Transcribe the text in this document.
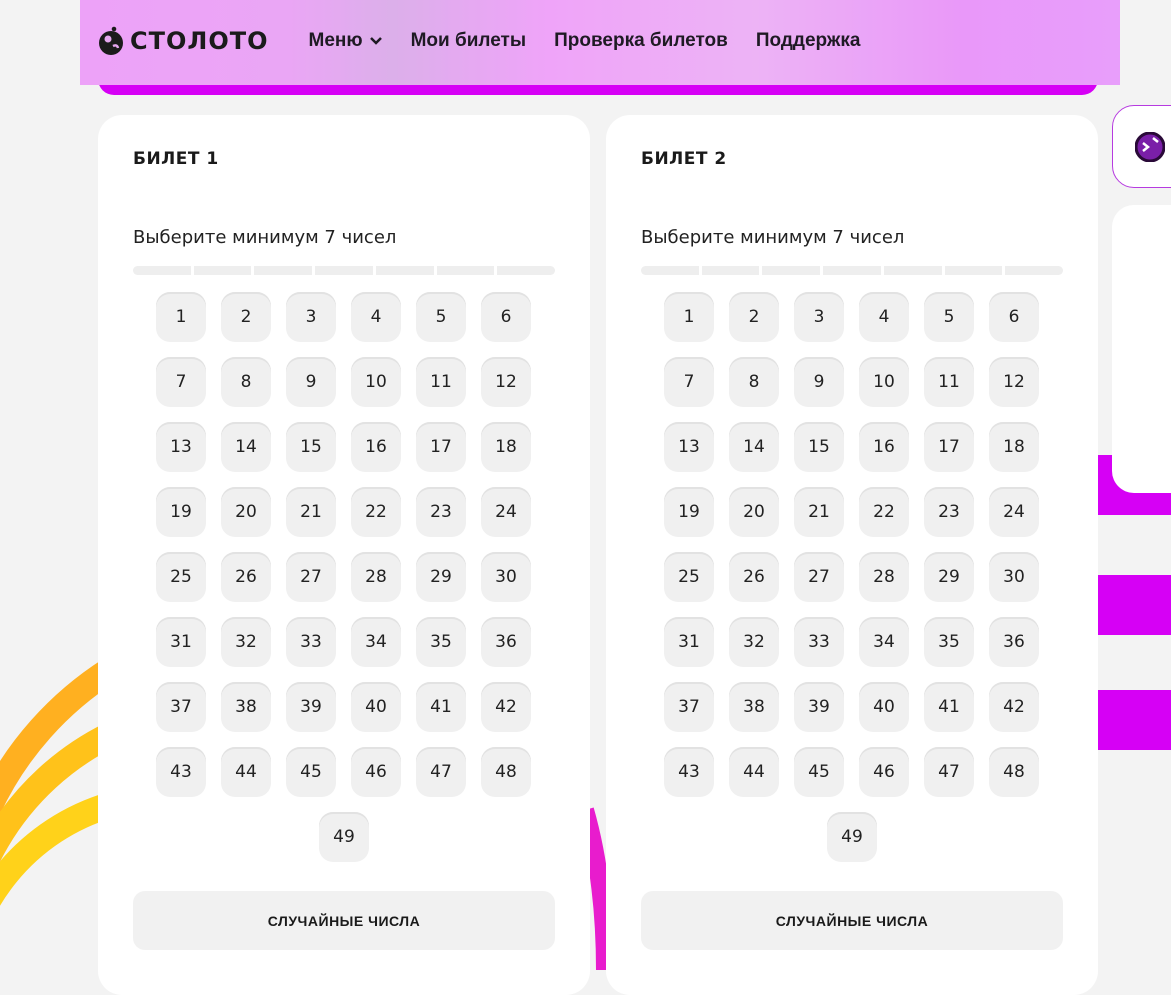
СТОЛОТО Меню	Мои билеты Проверка билетов Поддержка
БИЛЕТ 1
Выберите минимум 7 чисел
1	2	3	4	5	6
7	8	9	10	11	12
13	14	15	16	17	18
19	20	21	22	23	24
25	26	27	28	29	30
31	32	33	34	35	36
37	38	39	40	41	42
43	44	45	46	47	48
49
СЛУЧАЙНЫЕ ЧИСЛА
БИЛЕТ 2
Выберите минимум 7 чисел
1	2	3	4	5	6
7	8	9	10	11	12
13	14	15	16	17	18
19	20	21	22	23	24
25	26	27	28	29	30
31	32	33	34	35	36
37	38	39	40	41	42
43	44	45	46	47	48
49
СЛУЧАЙНЫЕ ЧИСЛА
